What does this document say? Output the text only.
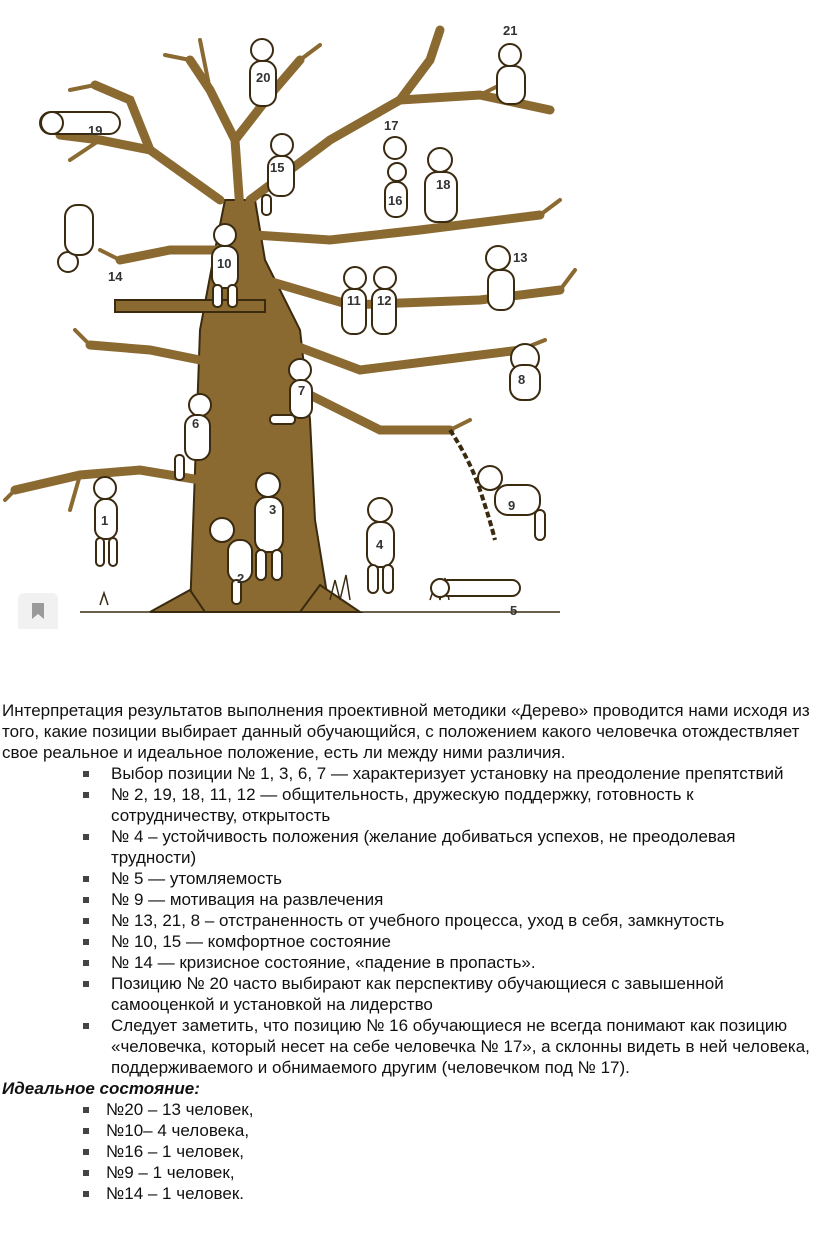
1
2
3
4
5
6
7
8
9
10
11 12
13
14
15
16
17
18
19
20
21

Интерпретация результатов выполнения проективной методики «Дерево» проводится нами исходя из того, какие позиции выбирает данный обучающийся, с положением какого человечка отождествляет свое реальное и идеальное положение, есть ли между ними различия.

Выбор позиции № 1, 3, 6, 7 — характеризует установку на преодоление препятствий
№ 2, 19, 18, 11, 12 — общительность, дружескую поддержку, готовность к сотрудничеству, открытость
№ 4 – устойчивость положения (желание добиваться успехов, не преодолевая трудности)
№ 5 — утомляемость
№ 9 — мотивация на развлечения
№ 13, 21, 8 – отстраненность от учебного процесса, уход в себя, замкнутость
№ 10, 15 — комфортное состояние
№ 14 — кризисное состояние, «падение в пропасть».
Позицию № 20 часто выбирают как перспективу обучающиеся с завышенной самооценкой и установкой на лидерство
Следует заметить, что позицию № 16 обучающиеся не всегда понимают как позицию «человечка, который несет на себе человечка № 17», а склонны видеть в ней человека, поддерживаемого и обнимаемого другим (человечком под № 17).

Идеальное состояние:

№20 – 13 человек,
№10– 4 человека,
№16 – 1 человек,
№9 – 1 человек,
№14 – 1 человек.
